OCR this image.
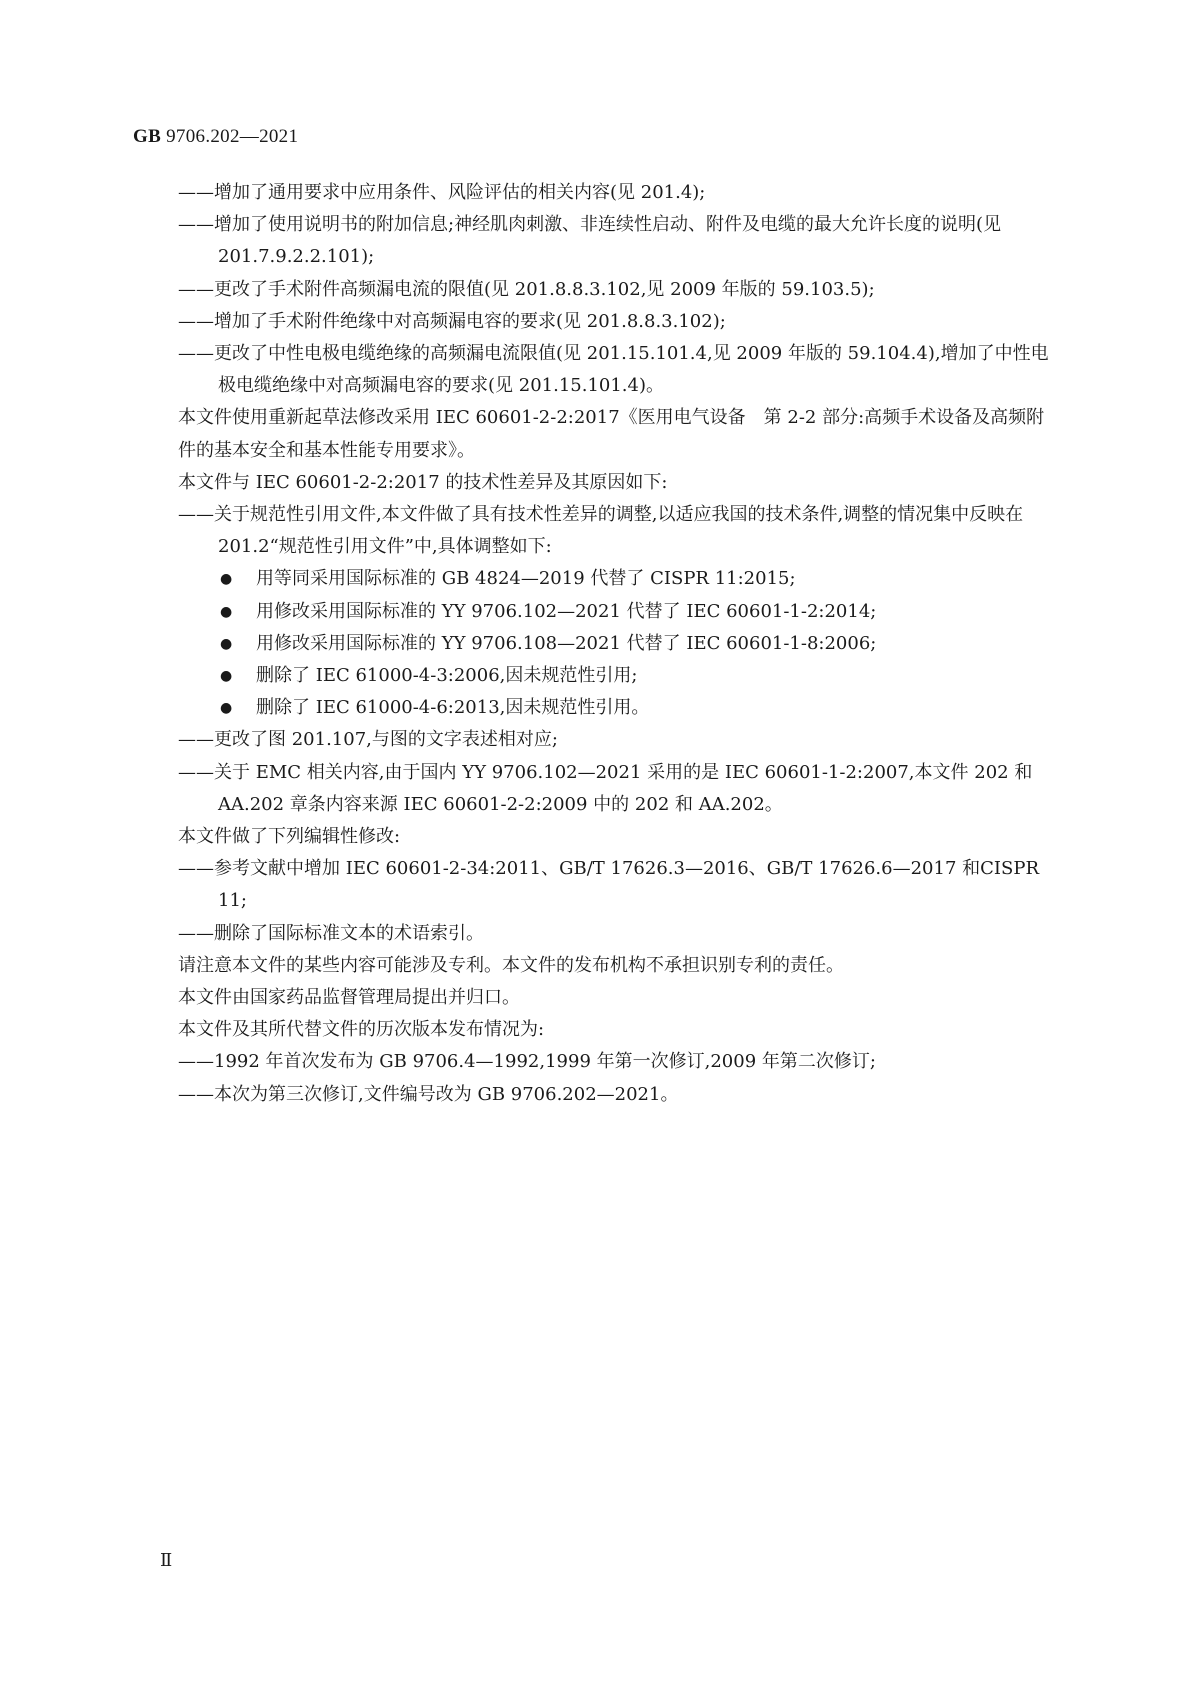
GB 9706.202—2021
——增加了通用要求中应用条件、风险评估的相关内容(见 201.4);
——增加了使用说明书的附加信息;神经肌肉刺激、非连续性启动、附件及电缆的最大允许长度的说明(见 201.7.9.2.2.101);
——更改了手术附件高频漏电流的限值(见 201.8.8.3.102,见 2009 年版的 59.103.5);
——增加了手术附件绝缘中对高频漏电容的要求(见 201.8.8.3.102);
——更改了中性电极电缆绝缘的高频漏电流限值(见 201.15.101.4,见 2009 年版的 59.104.4),增加了中性电极电缆绝缘中对高频漏电容的要求(见 201.15.101.4)。
本文件使用重新起草法修改采用 IEC 60601-2-2:2017《医用电气设备　第 2-2 部分:高频手术设备及高频附件的基本安全和基本性能专用要求》。
本文件与 IEC 60601-2-2:2017 的技术性差异及其原因如下:
——关于规范性引用文件,本文件做了具有技术性差异的调整,以适应我国的技术条件,调整的情况集中反映在 201.2“规范性引用文件”中,具体调整如下:
● 用等同采用国际标准的 GB 4824—2019 代替了 CISPR 11:2015;
● 用修改采用国际标准的 YY 9706.102—2021 代替了 IEC 60601-1-2:2014;
● 用修改采用国际标准的 YY 9706.108—2021 代替了 IEC 60601-1-8:2006;
● 删除了 IEC 61000-4-3:2006,因未规范性引用;
● 删除了 IEC 61000-4-6:2013,因未规范性引用。
——更改了图 201.107,与图的文字表述相对应;
——关于 EMC 相关内容,由于国内 YY 9706.102—2021 采用的是 IEC 60601-1-2:2007,本文件 202 和 AA.202 章条内容来源 IEC 60601-2-2:2009 中的 202 和 AA.202。
本文件做了下列编辑性修改:
——参考文献中增加 IEC 60601-2-34:2011、GB/T 17626.3—2016、GB/T 17626.6—2017 和CISPR 11;
——删除了国际标准文本的术语索引。
请注意本文件的某些内容可能涉及专利。本文件的发布机构不承担识别专利的责任。
本文件由国家药品监督管理局提出并归口。
本文件及其所代替文件的历次版本发布情况为:
——1992 年首次发布为 GB 9706.4—1992,1999 年第一次修订,2009 年第二次修订;
——本次为第三次修订,文件编号改为 GB 9706.202—2021。
Ⅱ
